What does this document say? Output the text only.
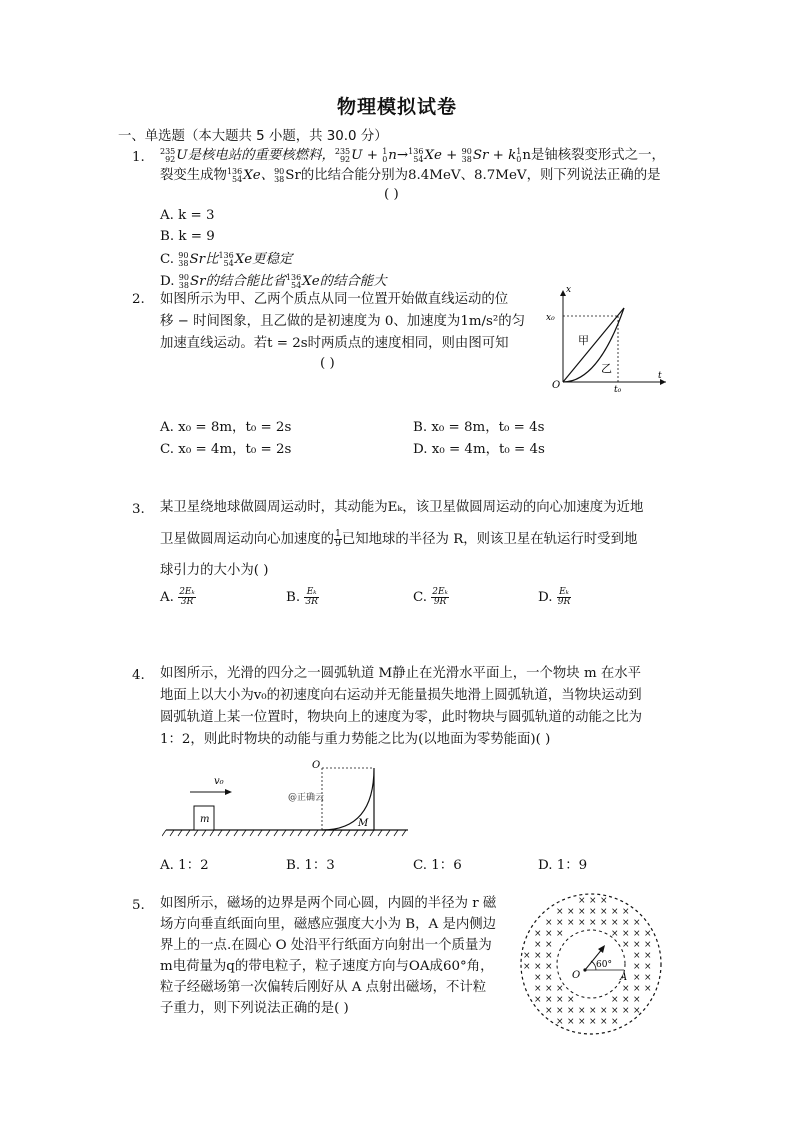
物理模拟试卷
一、单选题（本大题共 5 小题，共 30.0 分）
1. 235
92 U是核电站的重要核燃料， 235
92 U + 1
0 n→ 136
54 Xe + 90
38 Sr + k 1
0 n是铀核裂变形式之一，
裂变生成物 136
54 Xe、 90
38 Sr的比结合能分别为8.4MeV、8.7MeV，则下列说法正确的是
( )
A. k = 3
B. k = 9
C. 90
38 Sr比 136
54 Xe更稳定
D. 90
38 Sr的结合能比省 136
54 Xe的结合能大
2. 如图所示为甲、乙两个质点从同一位置开始做直线运动的位
移 − 时间图象，且乙做的是初速度为 0、加速度为1m/s²的匀
加速直线运动。若t = 2s时两质点的速度相同，则由图可知
( )
x
t
x₀
t₀
O
甲
乙
A. x₀ = 8m，t₀ = 2s	B. x₀ = 8m，t₀ = 4s
C. x₀ = 4m，t₀ = 2s	D. x₀ = 4m，t₀ = 4s
3. 某卫星绕地球做圆周运动时，其动能为Eₖ，该卫星做圆周运动的向心加速度为近地
卫星做圆周运动向心加速度的 $\frac{1}{9}$ 已知地球的半径为 R，则该卫星在轨运行时受到地
球引力的大小为( )
A. $\frac{\text{2Eₖ}}{3R}$	B. $\frac{\text{Eₖ}}{3R}$	C. $\frac{\text{2Eₖ}}{9R}$	D. $\frac{\text{Eₖ}}{9R}$
4. 如图所示，光滑的四分之一圆弧轨道 M静止在光滑水平面上，一个物块 m 在水平
地面上以大小为v₀的初速度向右运动并无能量损失地滑上圆弧轨道，当物块运动到
圆弧轨道上某一位置时，物块向上的速度为零，此时物块与圆弧轨道的动能之比为
1：2，则此时物块的动能与重力势能之比为(以地面为零势能面)( )
m
v₀
O
M
@正确云
A. 1：2	B. 1：3	C. 1：6	D. 1：9
5. 如图所示，磁场的边界是两个同心圆，内圆的半径为 r 磁
场方向垂直纸面向里，磁感应强度大小为 B，A 是内侧边
界上的一点.在圆心 O 处沿平行纸面方向射出一个质量为
m电荷量为q的带电粒子，粒子速度方向与OA成60°角，
粒子经磁场第一次偏转后刚好从 A 点射出磁场，不计粒
子重力，则下列说法正确的是( )
× × ×
× × × × × × ×
× × × × × × × × ×
× × ×	× × × ×
× ×	× × ×
× × ×	× ×
× × ×	× ×
× ×	× ×
× × ×	× × ×
× × × ×	× × ×
× × × × × × × × ×
× × × × × ×
O	A
60°
